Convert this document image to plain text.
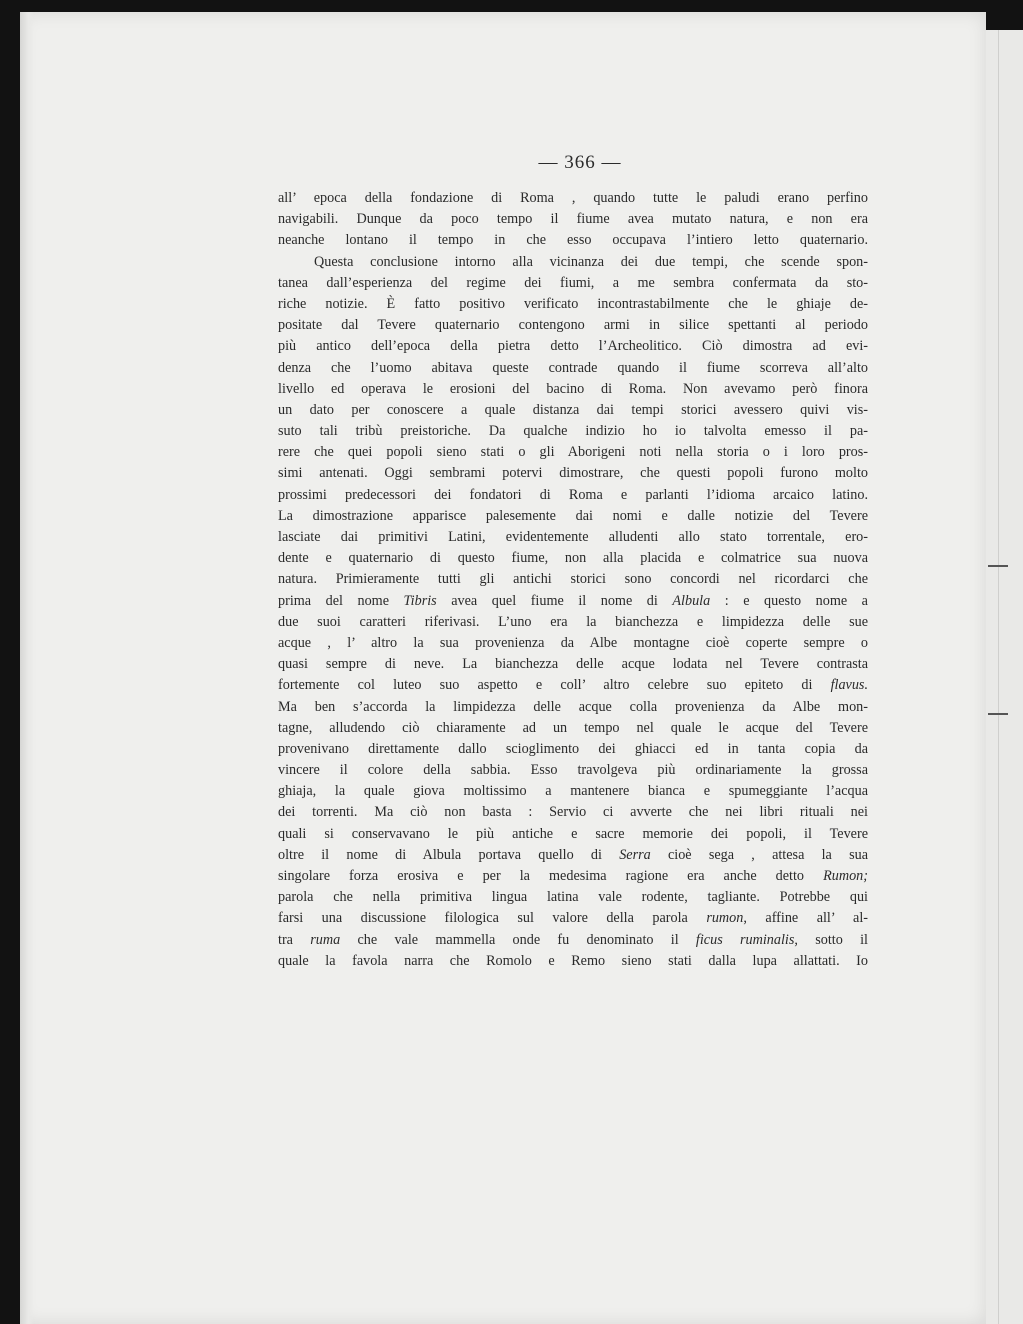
— 366 —
all’ epoca della fondazione di Roma , quando tutte le paludi erano perfino
navigabili. Dunque da poco tempo il fiume avea mutato natura, e non era
neanche lontano il tempo in che esso occupava l’intiero letto quaternario.
Questa conclusione intorno alla vicinanza dei due tempi, che scende spon-
tanea dall’esperienza del regime dei fiumi, a me sembra confermata da sto-
riche notizie. È fatto positivo verificato incontrastabilmente che le ghiaje de-
positate dal Tevere quaternario contengono armi in silice spettanti al periodo
più antico dell’epoca della pietra detto l’Archeolitico. Ciò dimostra ad evi-
denza che l’uomo abitava queste contrade quando il fiume scorreva all’alto
livello ed operava le erosioni del bacino di Roma. Non avevamo però finora
un dato per conoscere a quale distanza dai tempi storici avessero quivi vis-
suto tali tribù preistoriche. Da qualche indizio ho io talvolta emesso il pa-
rere che quei popoli sieno stati o gli Aborigeni noti nella storia o i loro pros-
simi antenati. Oggi sembrami potervi dimostrare, che questi popoli furono molto
prossimi predecessori dei fondatori di Roma e parlanti l’idioma arcaico latino.
La dimostrazione apparisce palesemente dai nomi e dalle notizie del Tevere
lasciate dai primitivi Latini, evidentemente alludenti allo stato torrentale, ero-
dente e quaternario di questo fiume, non alla placida e colmatrice sua nuova
natura. Primieramente tutti gli antichi storici sono concordi nel ricordarci che
prima del nome Tibris avea quel fiume il nome di Albula : e questo nome a
due suoi caratteri riferivasi. L’uno era la bianchezza e limpidezza delle sue
acque , l’ altro la sua provenienza da Albe montagne cioè coperte sempre o
quasi sempre di neve. La bianchezza delle acque lodata nel Tevere contrasta
fortemente col luteo suo aspetto e coll’ altro celebre suo epiteto di flavus.
Ma ben s’accorda la limpidezza delle acque colla provenienza da Albe mon-
tagne, alludendo ciò chiaramente ad un tempo nel quale le acque del Tevere
provenivano direttamente dallo scioglimento dei ghiacci ed in tanta copia da
vincere il colore della sabbia. Esso travolgeva più ordinariamente la grossa
ghiaja, la quale giova moltissimo a mantenere bianca e spumeggiante l’acqua
dei torrenti. Ma ciò non basta : Servio ci avverte che nei libri rituali nei
quali si conservavano le più antiche e sacre memorie dei popoli, il Tevere
oltre il nome di Albula portava quello di Serra cioè sega , attesa la sua
singolare forza erosiva e per la medesima ragione era anche detto Rumon;
parola che nella primitiva lingua latina vale rodente, tagliante. Potrebbe qui
farsi una discussione filologica sul valore della parola rumon, affine all’ al-
tra ruma che vale mammella onde fu denominato il ficus ruminalis, sotto il
quale la favola narra che Romolo e Remo sieno stati dalla lupa allattati. Io
